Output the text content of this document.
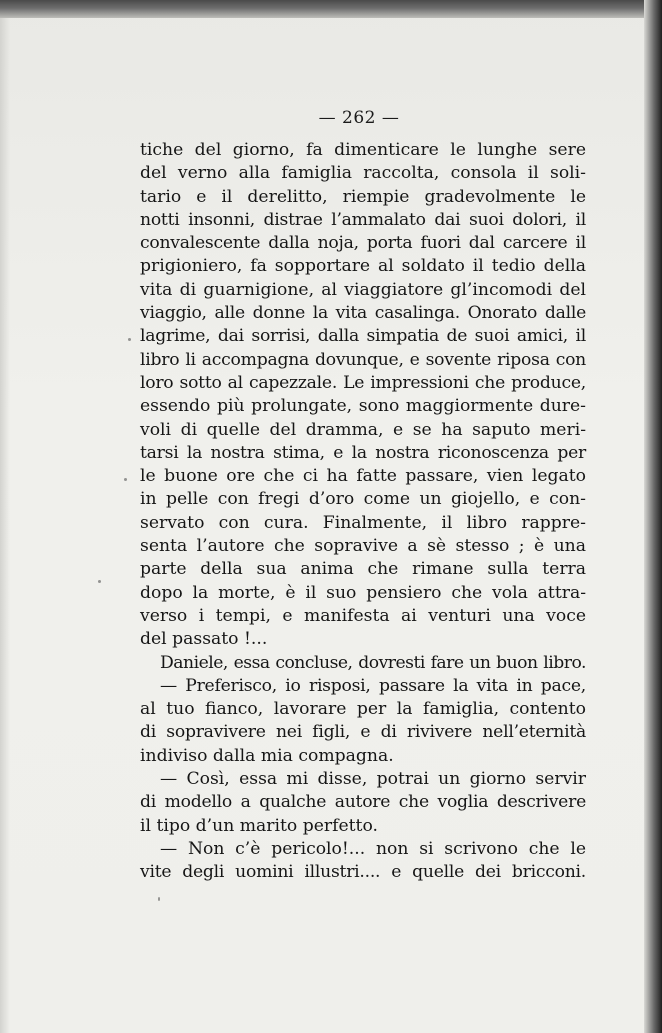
— 262 —
tiche del giorno, fa dimenticare le lunghe sere
del verno alla famiglia raccolta, consola il soli-
tario e il derelitto, riempie gradevolmente le
notti insonni, distrae l’ammalato dai suoi dolori, il
convalescente dalla noja, porta fuori dal carcere il
prigioniero, fa sopportare al soldato il tedio della
vita di guarnigione, al viaggiatore gl’incomodi del
viaggio, alle donne la vita casalinga. Onorato dalle
lagrime, dai sorrisi, dalla simpatia de suoi amici, il
libro li accompagna dovunque, e sovente riposa con
loro sotto al capezzale. Le impressioni che produce,
essendo più prolungate, sono maggiormente dure-
voli di quelle del dramma, e se ha saputo meri-
tarsi la nostra stima, e la nostra riconoscenza per
le buone ore che ci ha fatte passare, vien legato
in pelle con fregi d’oro come un giojello, e con-
servato con cura. Finalmente, il libro rappre-
senta l’autore che sopravive a sè stesso ; è una
parte della sua anima che rimane sulla terra
dopo la morte, è il suo pensiero che vola attra-
verso i tempi, e manifesta ai venturi una voce
del passato !...
Daniele, essa concluse, dovresti fare un buon libro.
— Preferisco, io risposi, passare la vita in pace,
al tuo fianco, lavorare per la famiglia, contento
di sopravivere nei figli, e di rivivere nell’eternità
indiviso dalla mia compagna.
— Così, essa mi disse, potrai un giorno servir
di modello a qualche autore che voglia descrivere
il tipo d’un marito perfetto.
— Non c’è pericolo!... non si scrivono che le
vite degli uomini illustri.... e quelle dei bricconi.
